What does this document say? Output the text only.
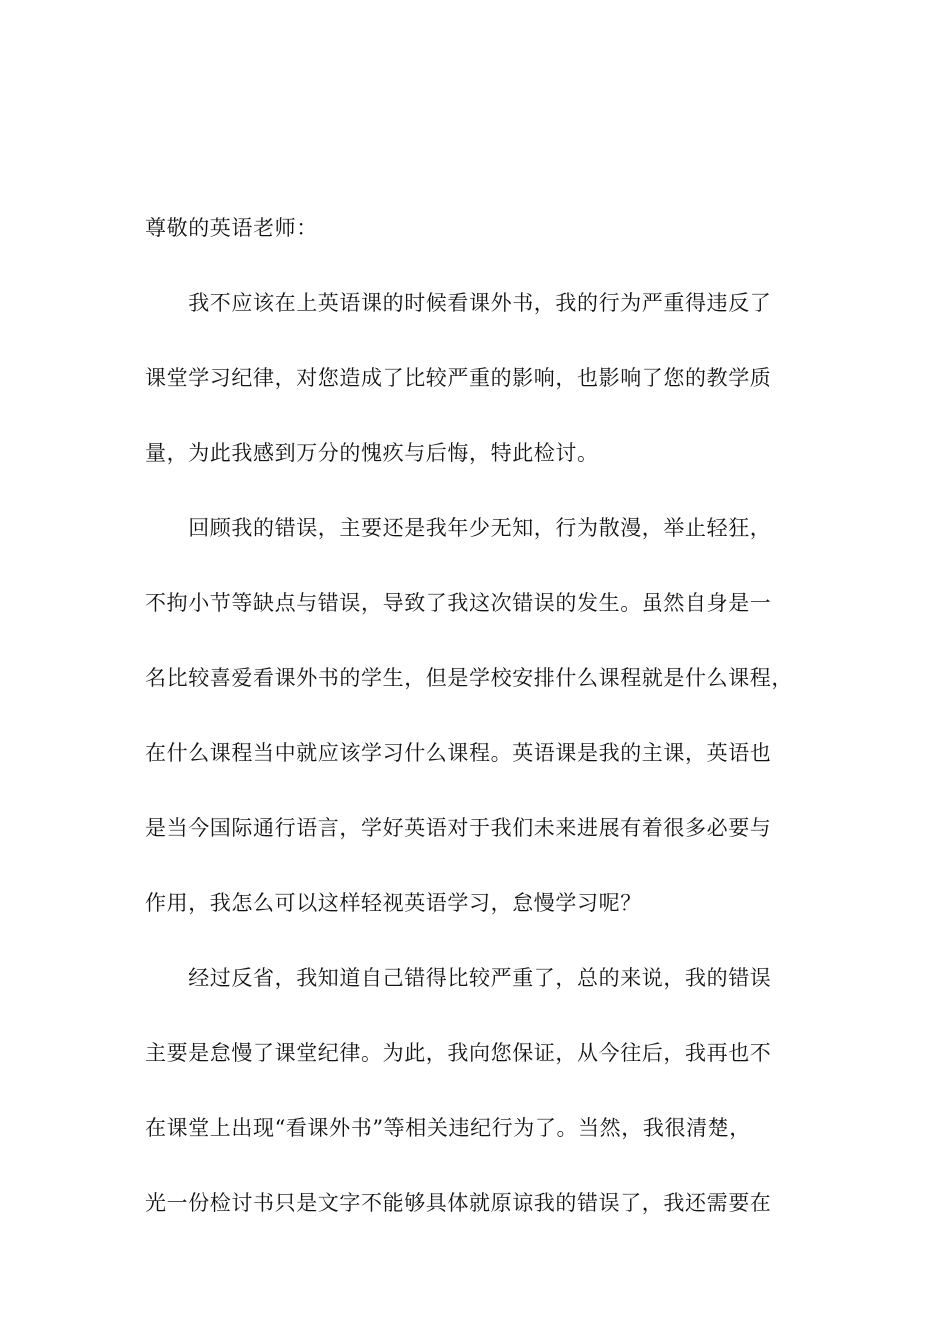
尊敬的英语老师：
　　我不应该在上英语课的时候看课外书，我的行为严重得违反了
课堂学习纪律，对您造成了比较严重的影响，也影响了您的教学质
量，为此我感到万分的愧疚与后悔，特此检讨。
　　回顾我的错误，主要还是我年少无知，行为散漫，举止轻狂，
不拘小节等缺点与错误，导致了我这次错误的发生。虽然自身是一
名比较喜爱看课外书的学生，但是学校安排什么课程就是什么课程，
在什么课程当中就应该学习什么课程。英语课是我的主课，英语也
是当今国际通行语言，学好英语对于我们未来进展有着很多必要与
作用，我怎么可以这样轻视英语学习，怠慢学习呢？
　　经过反省，我知道自己错得比较严重了，总的来说，我的错误
主要是怠慢了课堂纪律。为此，我向您保证，从今往后，我再也不
在课堂上出现“看课外书”等相关违纪行为了。当然，我很清楚，
光一份检讨书只是文字不能够具体就原谅我的错误了，我还需要在
